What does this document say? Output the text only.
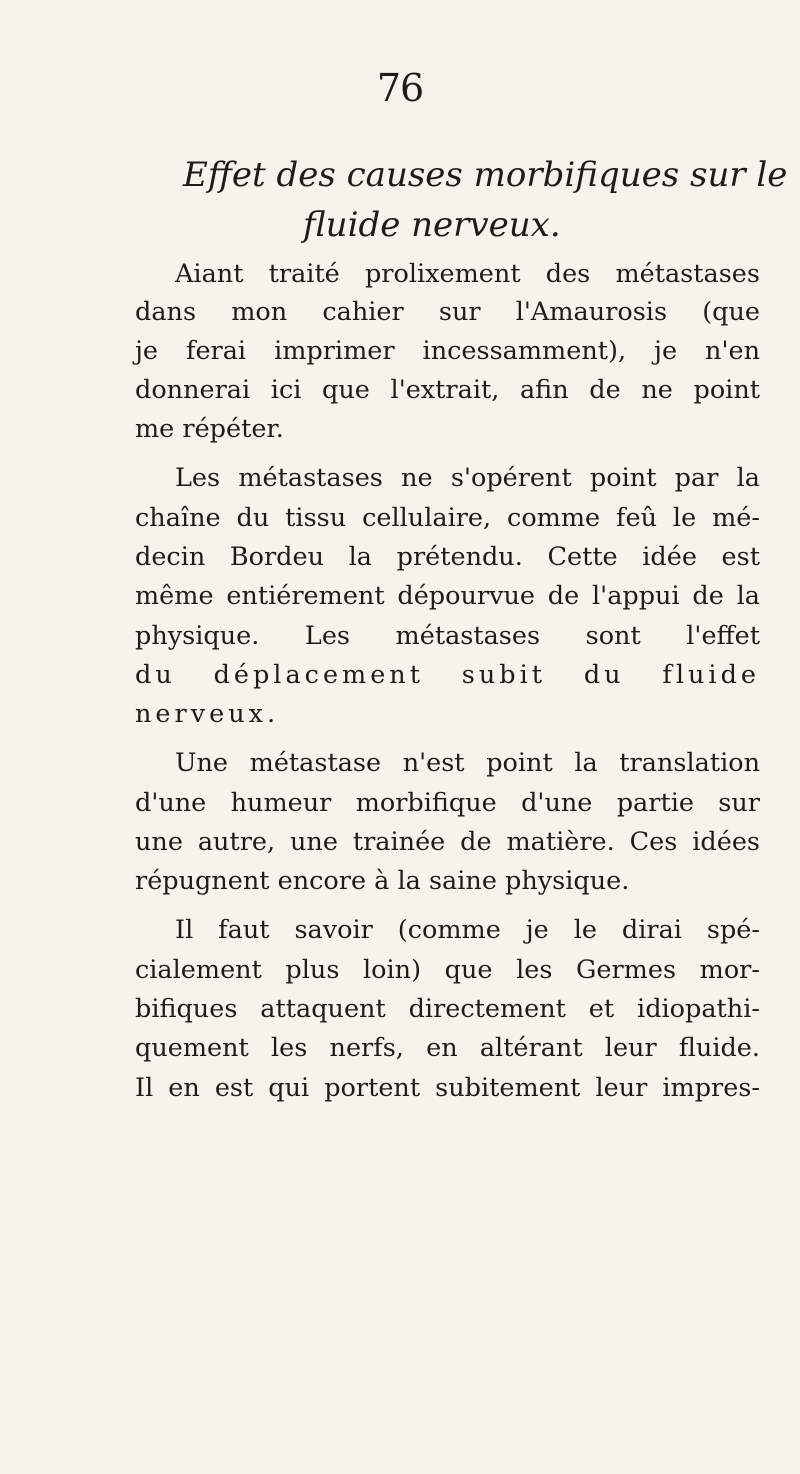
76
Effet des causes morbifiques sur le
fluide nerveux.
Aiant traité prolixement des métastases
dans mon cahier sur l'Amaurosis (que
je ferai imprimer incessamment), je n'en
donnerai ici que l'extrait, afin de ne point
me répéter.
Les métastases ne s'opérent point par la
chaîne du tissu cellulaire, comme feû le mé-
decin Bordeu la prétendu. Cette idée est
même entiérement dépourvue de l'appui de la
physique. Les métastases sont l'effet
du déplacement subit du fluide
nerveux.
Une métastase n'est point la translation
d'une humeur morbifique d'une partie sur
une autre, une trainée de matière. Ces idées
répugnent encore à la saine physique.
Il faut savoir (comme je le dirai spé-
cialement plus loin) que les Germes mor-
bifiques attaquent directement et idiopathi-
quement les nerfs, en altérant leur fluide.
Il en est qui portent subitement leur impres-
